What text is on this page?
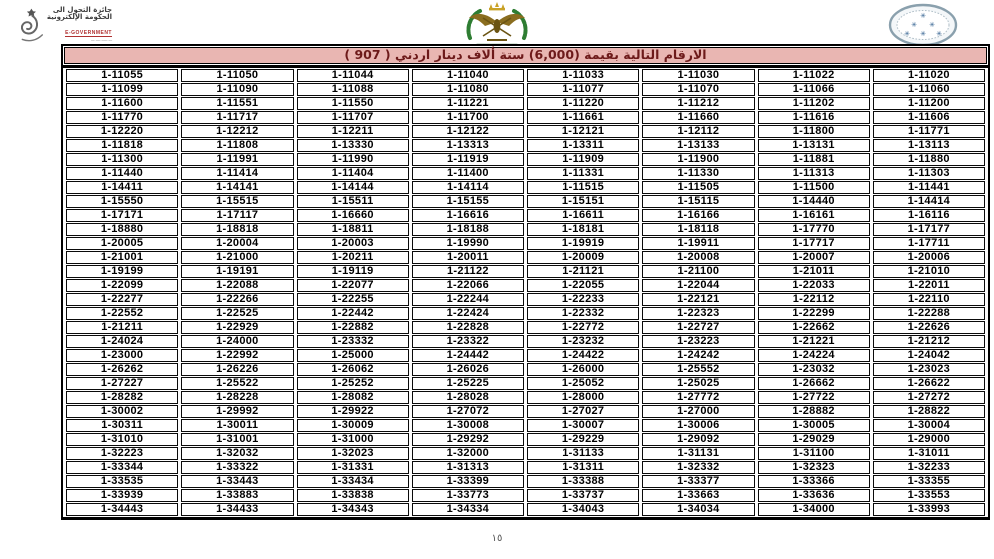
جائزة التحول الى
الحكومة الإلكترونية
E-GOVERNMENT
ـــ ـــــ ــــ ـــ
✳
✳ ✳
✳ ✳ ✳
الارقام التالية بقيمة (6,000) ستة ألاف دينار اردني ( 907 )
1-11055	1-11050	1-11044	1-11040	1-11033	1-11030	1-11022	1-11020
1-11099	1-11090	1-11088	1-11080	1-11077	1-11070	1-11066	1-11060
1-11600	1-11551	1-11550	1-11221	1-11220	1-11212	1-11202	1-11200
1-11770	1-11717	1-11707	1-11700	1-11661	1-11660	1-11616	1-11606
1-12220	1-12212	1-12211	1-12122	1-12121	1-12112	1-11800	1-11771
1-11818	1-11808	1-13330	1-13313	1-13311	1-13133	1-13131	1-13113
1-11300	1-11991	1-11990	1-11919	1-11909	1-11900	1-11881	1-11880
1-11440	1-11414	1-11404	1-11400	1-11331	1-11330	1-11313	1-11303
1-14411	1-14141	1-14144	1-14114	1-11515	1-11505	1-11500	1-11441
1-15550	1-15515	1-15511	1-15155	1-15151	1-15115	1-14440	1-14414
1-17171	1-17117	1-16660	1-16616	1-16611	1-16166	1-16161	1-16116
1-18880	1-18818	1-18811	1-18188	1-18181	1-18118	1-17770	1-17177
1-20005	1-20004	1-20003	1-19990	1-19919	1-19911	1-17717	1-17711
1-21001	1-21000	1-20211	1-20011	1-20009	1-20008	1-20007	1-20006
1-19199	1-19191	1-19119	1-21122	1-21121	1-21100	1-21011	1-21010
1-22099	1-22088	1-22077	1-22066	1-22055	1-22044	1-22033	1-22011
1-22277	1-22266	1-22255	1-22244	1-22233	1-22121	1-22112	1-22110
1-22552	1-22525	1-22442	1-22424	1-22332	1-22323	1-22299	1-22288
1-21211	1-22929	1-22882	1-22828	1-22772	1-22727	1-22662	1-22626
1-24024	1-24000	1-23332	1-23322	1-23232	1-23223	1-21221	1-21212
1-23000	1-22992	1-25000	1-24442	1-24422	1-24242	1-24224	1-24042
1-26262	1-26226	1-26062	1-26026	1-26000	1-25552	1-23032	1-23023
1-27227	1-25522	1-25252	1-25225	1-25052	1-25025	1-26662	1-26622
1-28282	1-28228	1-28082	1-28028	1-28000	1-27772	1-27722	1-27272
1-30002	1-29992	1-29922	1-27072	1-27027	1-27000	1-28882	1-28822
1-30311	1-30011	1-30009	1-30008	1-30007	1-30006	1-30005	1-30004
1-31010	1-31001	1-31000	1-29292	1-29229	1-29092	1-29029	1-29000
1-32223	1-32032	1-32023	1-32000	1-31133	1-31131	1-31100	1-31011
1-33344	1-33322	1-31331	1-31313	1-31311	1-32332	1-32323	1-32233
1-33535	1-33443	1-33434	1-33399	1-33388	1-33377	1-33366	1-33355
1-33939	1-33883	1-33838	1-33773	1-33737	1-33663	1-33636	1-33553
1-34443	1-34433	1-34343	1-34334	1-34043	1-34034	1-34000	1-33993
١٥
